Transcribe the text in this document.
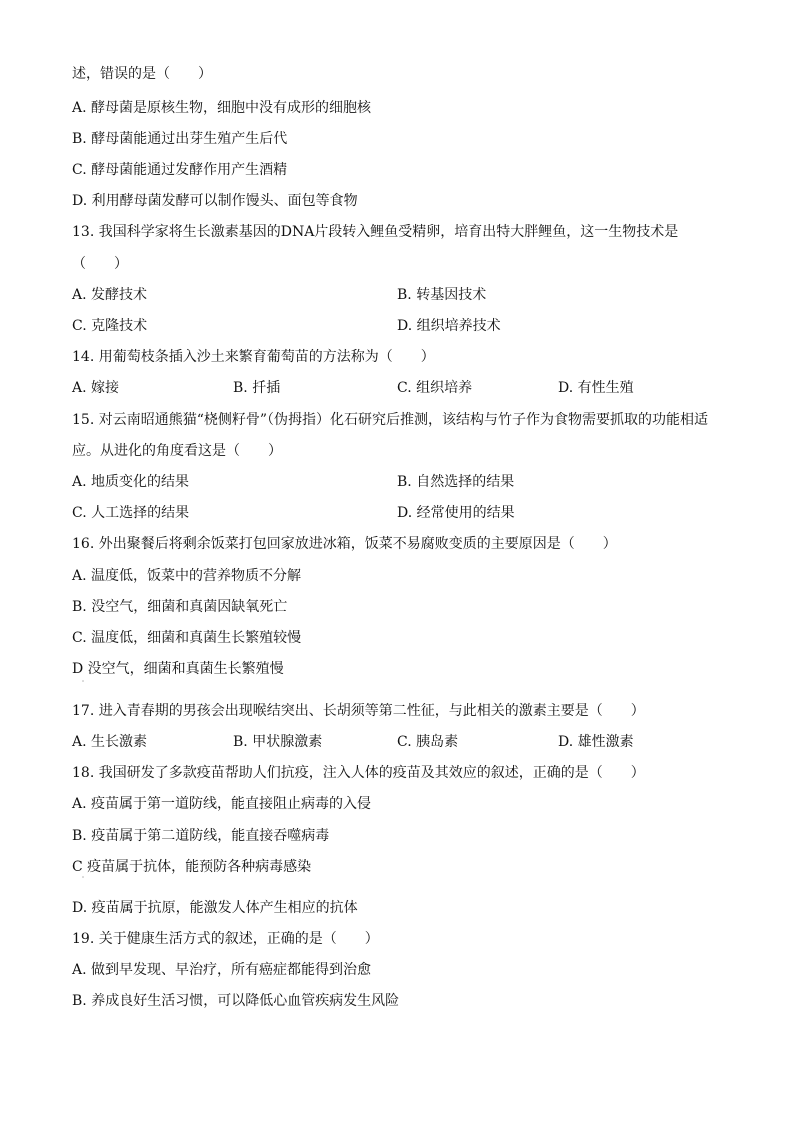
述，错误的是（　　）
A. 酵母菌是原核生物，细胞中没有成形的细胞核
B. 酵母菌能通过出芽生殖产生后代
C. 酵母菌能通过发酵作用产生酒精
D. 利用酵母菌发酵可以制作馒头、面包等食物
13. 我国科学家将生长激素基因的DNA片段转入鲤鱼受精卵，培育出特大胖鲤鱼，这一生物技术是
（　　）
A. 发酵技术	B. 转基因技术
C. 克隆技术	D. 组织培养技术
14. 用葡萄枝条插入沙土来繁育葡萄苗的方法称为（　　）
A. 嫁接	B. 扦插	C. 组织培养	D. 有性生殖
15. 对云南昭通熊猫“桡侧籽骨”（伪拇指）化石研究后推测，该结构与竹子作为食物需要抓取的功能相适
应。从进化的角度看这是（　　）
A. 地质变化的结果	B. 自然选择的结果
C. 人工选择的结果	D. 经常使用的结果
16. 外出聚餐后将剩余饭菜打包回家放进冰箱，饭菜不易腐败变质的主要原因是（　　）
A. 温度低，饭菜中的营养物质不分解
B. 没空气，细菌和真菌因缺氧死亡
C. 温度低，细菌和真菌生长繁殖较慢
D 没空气，细菌和真菌生长繁殖慢
˙
17. 进入青春期的男孩会出现喉结突出、长胡须等第二性征，与此相关的激素主要是（　　）
A. 生长激素	B. 甲状腺激素	C. 胰岛素	D. 雄性激素
18. 我国研发了多款疫苗帮助人们抗疫，注入人体的疫苗及其效应的叙述，正确的是（　　）
A. 疫苗属于第一道防线，能直接阻止病毒的入侵
B. 疫苗属于第二道防线，能直接吞噬病毒
C 疫苗属于抗体，能预防各种病毒感染
˙
D. 疫苗属于抗原，能激发人体产生相应的抗体
19. 关于健康生活方式的叙述，正确的是（　　）
A. 做到早发现、早治疗，所有癌症都能得到治愈
B. 养成良好生活习惯，可以降低心血管疾病发生风险
